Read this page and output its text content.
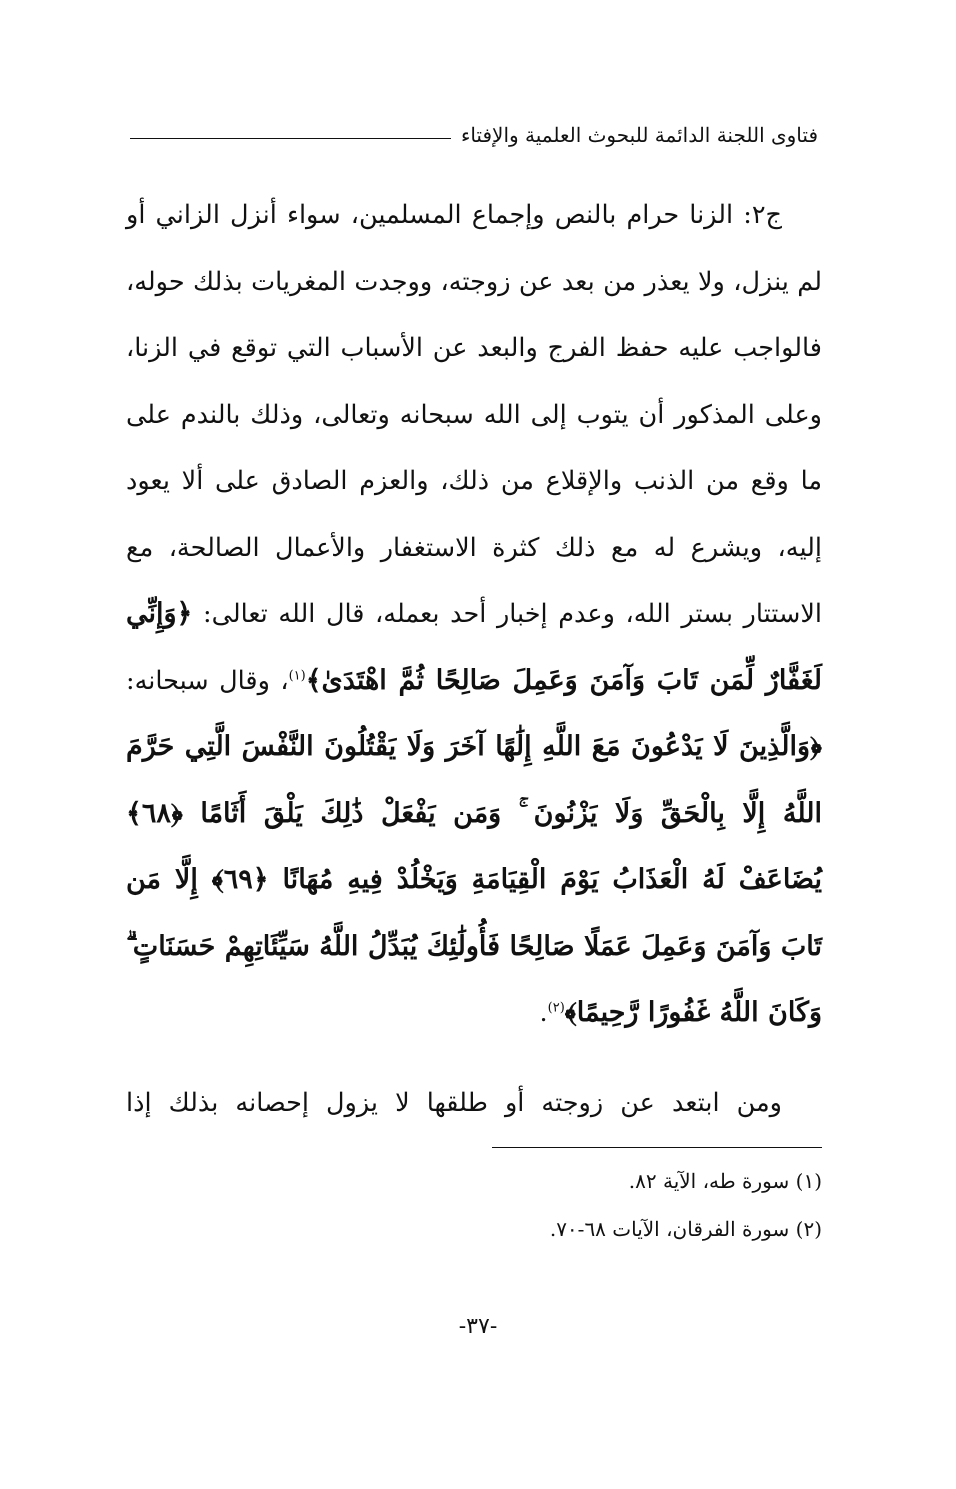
فتاوى اللجنة الدائمة للبحوث العلمية والإفتاء

ج٢: الزنا حرام بالنص وإجماع المسلمين، سواء أنزل الزاني أو لم ينزل، ولا يعذر من بعد عن زوجته، ووجدت المغريات بذلك حوله، فالواجب عليه حفظ الفرج والبعد عن الأسباب التي توقع في الزنا، وعلى المذكور أن يتوب إلى الله سبحانه وتعالى، وذلك بالندم على ما وقع من الذنب والإقلاع من ذلك، والعزم الصادق على ألا يعود إليه، ويشرع له مع ذلك كثرة الاستغفار والأعمال الصالحة، مع الاستتار بستر الله، وعدم إخبار أحد بعمله، قال الله تعالى: ﴿وَإِنِّي لَغَفَّارٌ لِّمَن تَابَ وَآمَنَ وَعَمِلَ صَالِحًا ثُمَّ اهْتَدَىٰ﴾$^{(١)}$، وقال سبحانه: ﴿وَالَّذِينَ لَا يَدْعُونَ مَعَ اللَّهِ إِلَٰهًا آخَرَ وَلَا يَقْتُلُونَ النَّفْسَ الَّتِي حَرَّمَ اللَّهُ إِلَّا بِالْحَقِّ وَلَا يَزْنُونَ ۚ وَمَن يَفْعَلْ ذَٰلِكَ يَلْقَ أَثَامًا ﴿٦٨﴾ يُضَاعَفْ لَهُ الْعَذَابُ يَوْمَ الْقِيَامَةِ وَيَخْلُدْ فِيهِ مُهَانًا ﴿٦٩﴾ إِلَّا مَن تَابَ وَآمَنَ وَعَمِلَ عَمَلًا صَالِحًا فَأُولَٰئِكَ يُبَدِّلُ اللَّهُ سَيِّئَاتِهِمْ حَسَنَاتٍ ۗ وَكَانَ اللَّهُ غَفُورًا رَّحِيمًا﴾$^{(٢)}$.

ومن ابتعد عن زوجته أو طلقها لا يزول إحصانه بذلك إذا

(١) سورة طه، الآية ٨٢.

(٢) سورة الفرقان، الآيات ٦٨-٧٠.

-٣٧-
